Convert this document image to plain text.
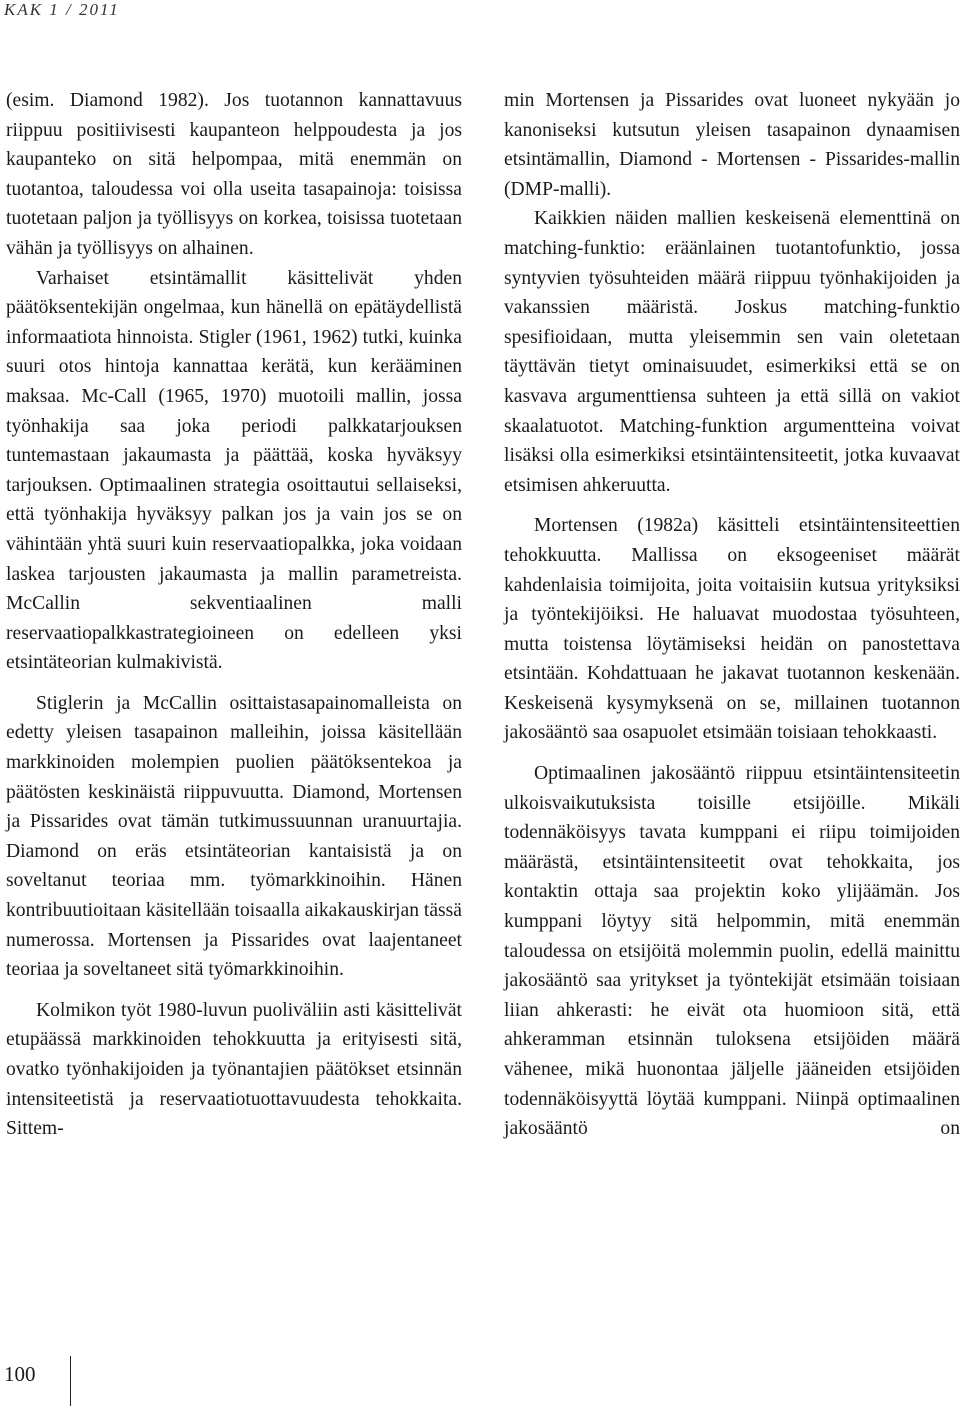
KAK 1 / 2011

(esim. Diamond 1982). Jos tuotannon kannattavuus riippuu positiivisesti kaupanteon helppoudesta ja jos kaupanteko on sitä helpompaa, mitä enemmän on tuotantoa, taloudessa voi olla useita tasapainoja: toisissa tuotetaan paljon ja työllisyys on korkea, toisissa tuotetaan vähän ja työllisyys on alhainen.

Varhaiset etsintämallit käsittelivät yhden päätöksentekijän ongelmaa, kun hänellä on epätäydellistä informaatiota hinnoista. Stigler (1961, 1962) tutki, kuinka suuri otos hintoja kannattaa kerätä, kun kerääminen maksaa. Mc-Call (1965, 1970) muotoili mallin, jossa työnhakija saa joka periodi palkkatarjouksen tuntemastaan jakaumasta ja päättää, koska hyväksyy tarjouksen. Optimaalinen strategia osoittautui sellaiseksi, että työnhakija hyväksyy palkan jos ja vain jos se on vähintään yhtä suuri kuin reservaatiopalkka, joka voidaan laskea tarjousten jakaumasta ja mallin parametreista. McCallin sekventiaalinen malli reservaatiopalkkastrategioineen on edelleen yksi etsintäteorian kulmakivistä.

Stiglerin ja McCallin osittaistasapainomalleista on edetty yleisen tasapainon malleihin, joissa käsitellään markkinoiden molempien puolien päätöksentekoa ja päätösten keskinäistä riippuvuutta. Diamond, Mortensen ja Pissarides ovat tämän tutkimussuunnan uranuurtajia. Diamond on eräs etsintäteorian kantaisistä ja on soveltanut teoriaa mm. työmarkkinoihin. Hänen kontribuutioitaan käsitellään toisaalla aikakauskirjan tässä numerossa. Mortensen ja Pissarides ovat laajentaneet teoriaa ja soveltaneet sitä työmarkkinoihin.

Kolmikon työt 1980-luvun puoliväliin asti käsittelivät etupäässä markkinoiden tehokkuutta ja erityisesti sitä, ovatko työnhakijoiden ja työnantajien päätökset etsinnän intensiteetistä ja reservaatiotuottavuudesta tehokkaita. Sittem-

min Mortensen ja Pissarides ovat luoneet nykyään jo kanoniseksi kutsutun yleisen tasapainon dynaamisen etsintämallin, Diamond - Mortensen - Pissarides-mallin (DMP-malli).

Kaikkien näiden mallien keskeisenä elementtinä on matching-funktio: eräänlainen tuotantofunktio, jossa syntyvien työsuhteiden määrä riippuu työnhakijoiden ja vakanssien määristä. Joskus matching-funktio spesifioidaan, mutta yleisemmin sen vain oletetaan täyttävän tietyt ominaisuudet, esimerkiksi että se on kasvava argumenttiensa suhteen ja että sillä on vakiot skaalatuotot. Matching-funktion argumentteina voivat lisäksi olla esimerkiksi etsintäintensiteetit, jotka kuvaavat etsimisen ahkeruutta.

Mortensen (1982a) käsitteli etsintäintensiteettien tehokkuutta. Mallissa on eksogeeniset määrät kahdenlaisia toimijoita, joita voitaisiin kutsua yrityksiksi ja työntekijöiksi. He haluavat muodostaa työsuhteen, mutta toistensa löytämiseksi heidän on panostettava etsintään. Kohdattuaan he jakavat tuotannon keskenään. Keskeisenä kysymyksenä on se, millainen tuotannon jakosääntö saa osapuolet etsimään toisiaan tehokkaasti.

Optimaalinen jakosääntö riippuu etsintäintensiteetin ulkoisvaikutuksista toisille etsijöille. Mikäli todennäköisyys tavata kumppani ei riipu toimijoiden määrästä, etsintäintensiteetit ovat tehokkaita, jos kontaktin ottaja saa projektin koko ylijäämän. Jos kumppani löytyy sitä helpommin, mitä enemmän taloudessa on etsijöitä molemmin puolin, edellä mainittu jakosääntö saa yritykset ja työntekijät etsimään toisiaan liian ahkerasti: he eivät ota huomioon sitä, että ahkeramman etsinnän tuloksena etsijöiden määrä vähenee, mikä huonontaa jäljelle jääneiden etsijöiden todennäköisyyttä löytää kumppani. Niinpä optimaalinen jakosääntö on

100
